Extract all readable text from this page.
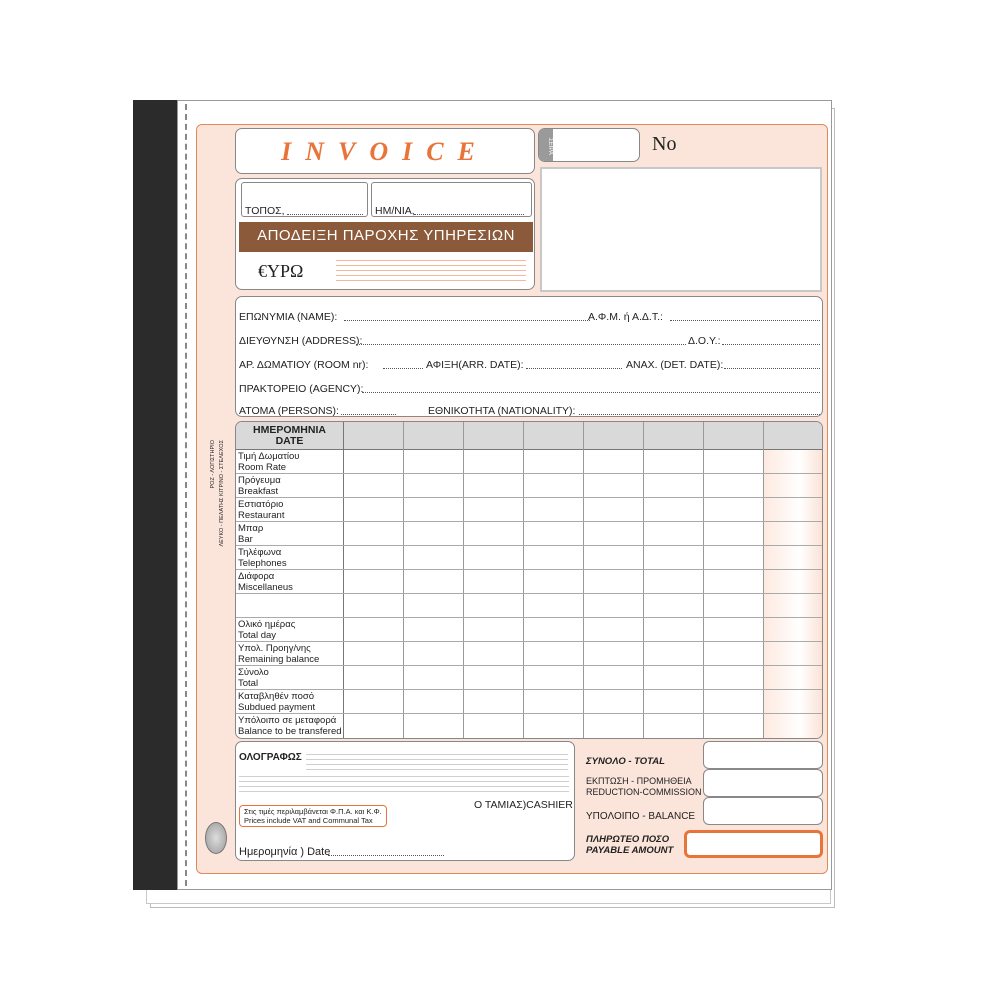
INVOICE	ΣΕΙΡΑ	No
ΤΟΠΟΣ,	ΗΜ/ΝΙΑ,
ΑΠΟΔΕΙΞΗ ΠΑΡΟΧΗΣ ΥΠΗΡΕΣΙΩΝ
€ΥΡΩ
ΕΠΩΝΥΜΙΑ (NAME):	Α.Φ.Μ. ή Α.Δ.Τ.:
ΔΙΕΥΘΥΝΣΗ (ADDRESS):	Δ.Ο.Υ.:
ΑΡ. ΔΩΜΑΤΙΟΥ (ROOM nr):	ΑΦΙΞΗ(ARR. DATE):	ΑΝΑΧ. (DET. DATE):
ΠΡΑΚΤΟΡΕΙΟ (AGENCY):
ΑΤΟΜΑ (PERSONS):	ΕΘΝΙΚΟΤΗΤΑ (NATIONALITY):
ΡΟΖ - ΛΟΓΙΣΤΗΡΙΟ ΛΕΥΚΟ - ΠΕΛΑΤΗΣ ΚΙΤΡΙΝΟ - ΣΤΕΛΕΧΟΣ
ΗΜΕΡΟΜΗΝΙΑ
DATE
Τιμή Δωματίου
Room Rate
Πρόγευμα
Breakfast
Εστιατόριο
Restaurant
Μπαρ
Bar
Τηλέφωνα
Telephones
Διάφορα
Miscellaneus
Ολικό ημέρας
Total day
Υπολ. Προηγ/νης
Remaining balance
Σύνολο
Total
Καταβληθέν ποσό
Subdued payment
Υπόλοιπο σε μεταφορά
Balance to be transfered
ΟΛΟΓΡΑΦΩΣ
Ο ΤΑΜΙΑΣ)CASHIER
Στις τιμές περιλαμβάνεται Φ.Π.Α. και Κ.Φ.
Prices include VAT and Communal Tax
Ημερομηνία ) Date
ΣΥΝΟΛΟ - TOTAL
ΕΚΠΤΩΣΗ - ΠΡΟΜΗΘΕΙΑ
REDUCTION-COMMISSION
ΥΠΟΛΟΙΠΟ - BALANCE
ΠΛΗΡΩΤΕΟ ΠΟΣΟ
PAYABLE AMOUNT
